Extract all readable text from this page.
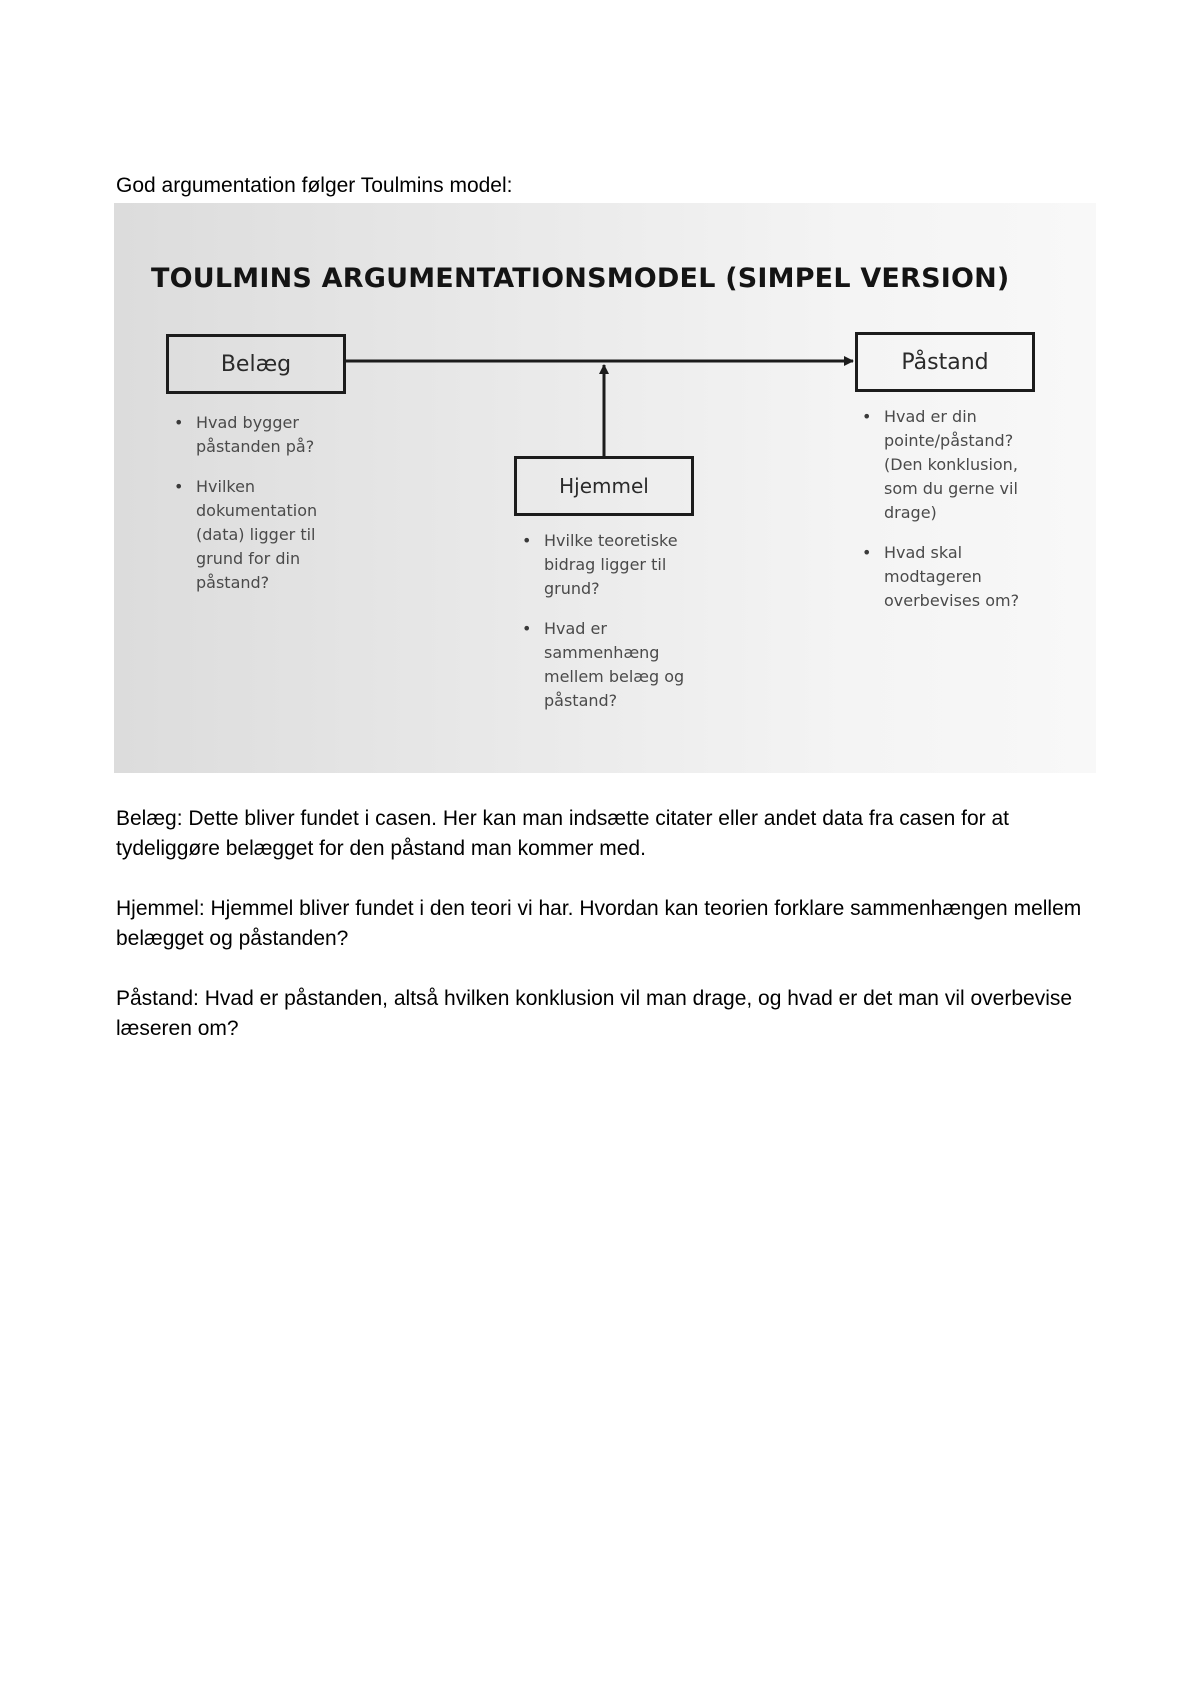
God argumentation følger Toulmins model:
TOULMINS ARGUMENTATIONSMODEL (SIMPEL VERSION)
Belæg	Påstand
Hjemmel
• Hvad bygger påstanden på?
• Hvilken dokumentation (data) ligger til grund for din påstand?
• Hvilke teoretiske bidrag ligger til grund?
• Hvad er sammenhæng mellem belæg og påstand?
• Hvad er din pointe/påstand? (Den konklusion, som du gerne vil drage)
• Hvad skal modtageren overbevises om?

Belæg: Dette bliver fundet i casen. Her kan man indsætte citater eller andet data fra casen for at tydeliggøre belægget for den påstand man kommer med.

Hjemmel: Hjemmel bliver fundet i den teori vi har. Hvordan kan teorien forklare sammenhængen mellem belægget og påstanden?

Påstand: Hvad er påstanden, altså hvilken konklusion vil man drage, og hvad er det man vil overbevise læseren om?
